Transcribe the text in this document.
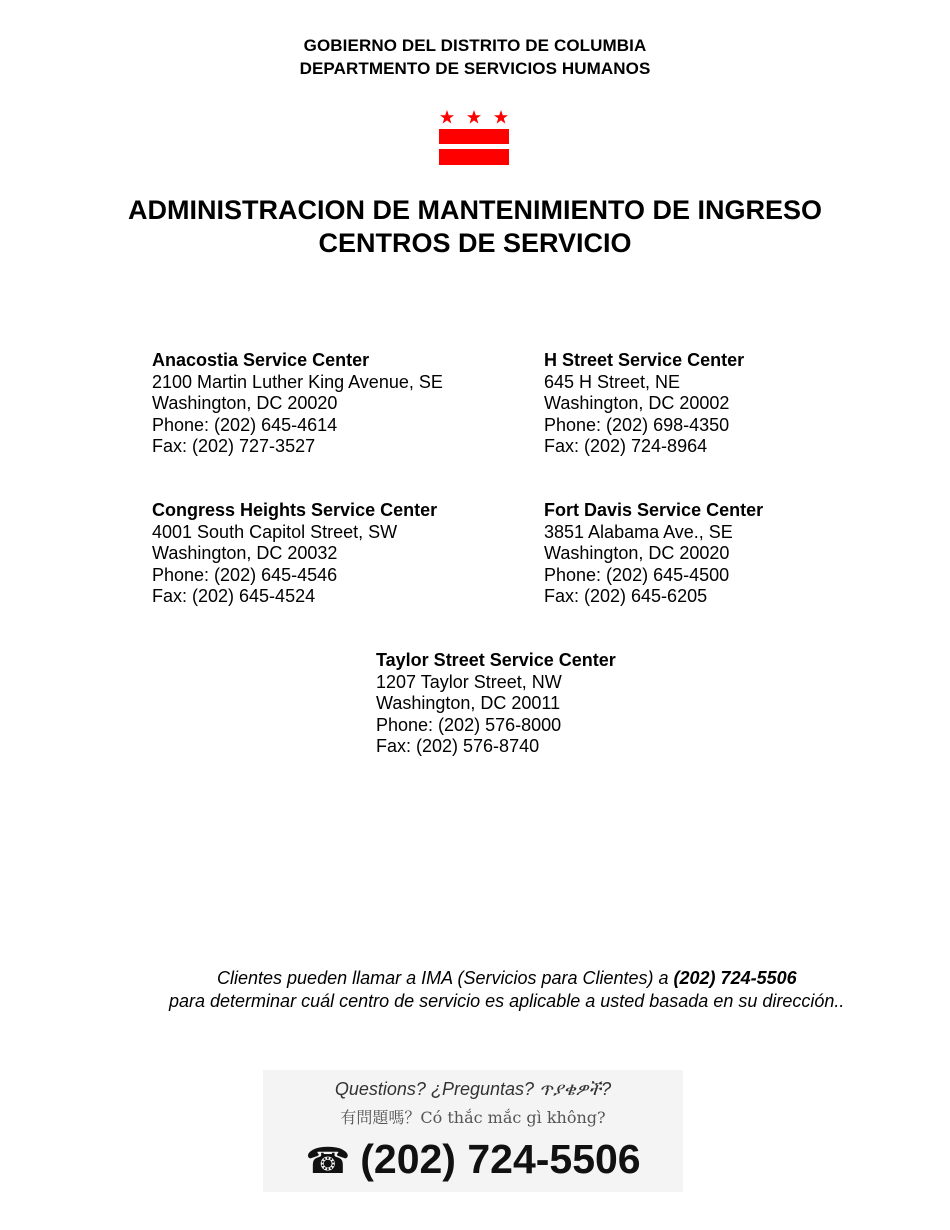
GOBIERNO DEL DISTRITO DE COLUMBIA
DEPARTMENTO DE SERVICIOS HUMANOS
ADMINISTRACION DE MANTENIMIENTO DE INGRESO
CENTROS DE SERVICIO
Anacostia Service Center
2100 Martin Luther King Avenue, SE
Washington, DC 20020
Phone: (202) 645-4614
Fax: (202) 727-3527
H Street Service Center
645 H Street, NE
Washington, DC 20002
Phone: (202) 698-4350
Fax: (202) 724-8964
Congress Heights Service Center
4001 South Capitol Street, SW
Washington, DC 20032
Phone: (202) 645-4546
Fax: (202) 645-4524
Fort Davis Service Center
3851 Alabama Ave., SE
Washington, DC 20020
Phone: (202) 645-4500
Fax: (202) 645-6205
Taylor Street Service Center
1207 Taylor Street, NW
Washington, DC 20011
Phone: (202) 576-8000
Fax: (202) 576-8740
Clientes pueden llamar a IMA (Servicios para Clientes) a (202) 724-5506
para determinar cuál centro de servicio es aplicable a usted basada en su dirección..
Questions? ¿Preguntas? ጥያቄዎች?
有問題嗎？Có thắc mắc gì không?
☎ (202) 724-5506
